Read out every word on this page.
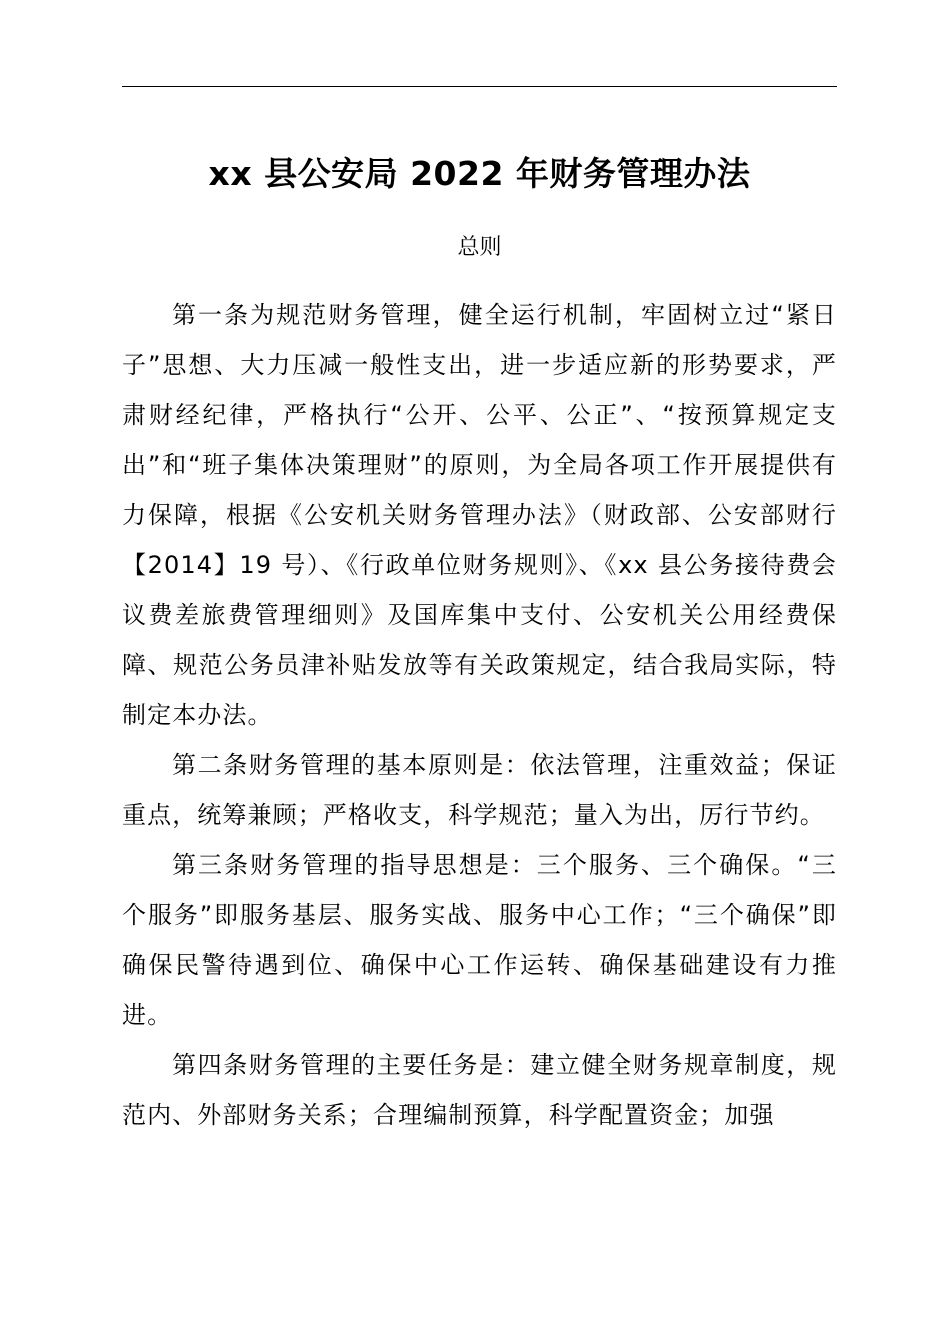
xx 县公安局 2022 年财务管理办法
总则

第一条为规范财务管理，健全运行机制，牢固树立过“紧日子”思想、大力压减一般性支出，进一步适应新的形势要求，严肃财经纪律，严格执行“公开、公平、公正”、“按预算规定支出”和“班子集体决策理财”的原则，为全局各项工作开展提供有力保障，根据《公安机关财务管理办法》（财政部、公安部财行【2014】19 号）、《行政单位财务规则》、《xx 县公务接待费会议费差旅费管理细则》及国库集中支付、公安机关公用经费保障、规范公务员津补贴发放等有关政策规定，结合我局实际，特制定本办法。

第二条财务管理的基本原则是：依法管理，注重效益；保证重点，统筹兼顾；严格收支，科学规范；量入为出，厉行节约。

第三条财务管理的指导思想是：三个服务、三个确保。“三个服务”即服务基层、服务实战、服务中心工作；“三个确保”即确保民警待遇到位、确保中心工作运转、确保基础建设有力推进。

第四条财务管理的主要任务是：建立健全财务规章制度，规范内、外部财务关系；合理编制预算，科学配置资金；加强
